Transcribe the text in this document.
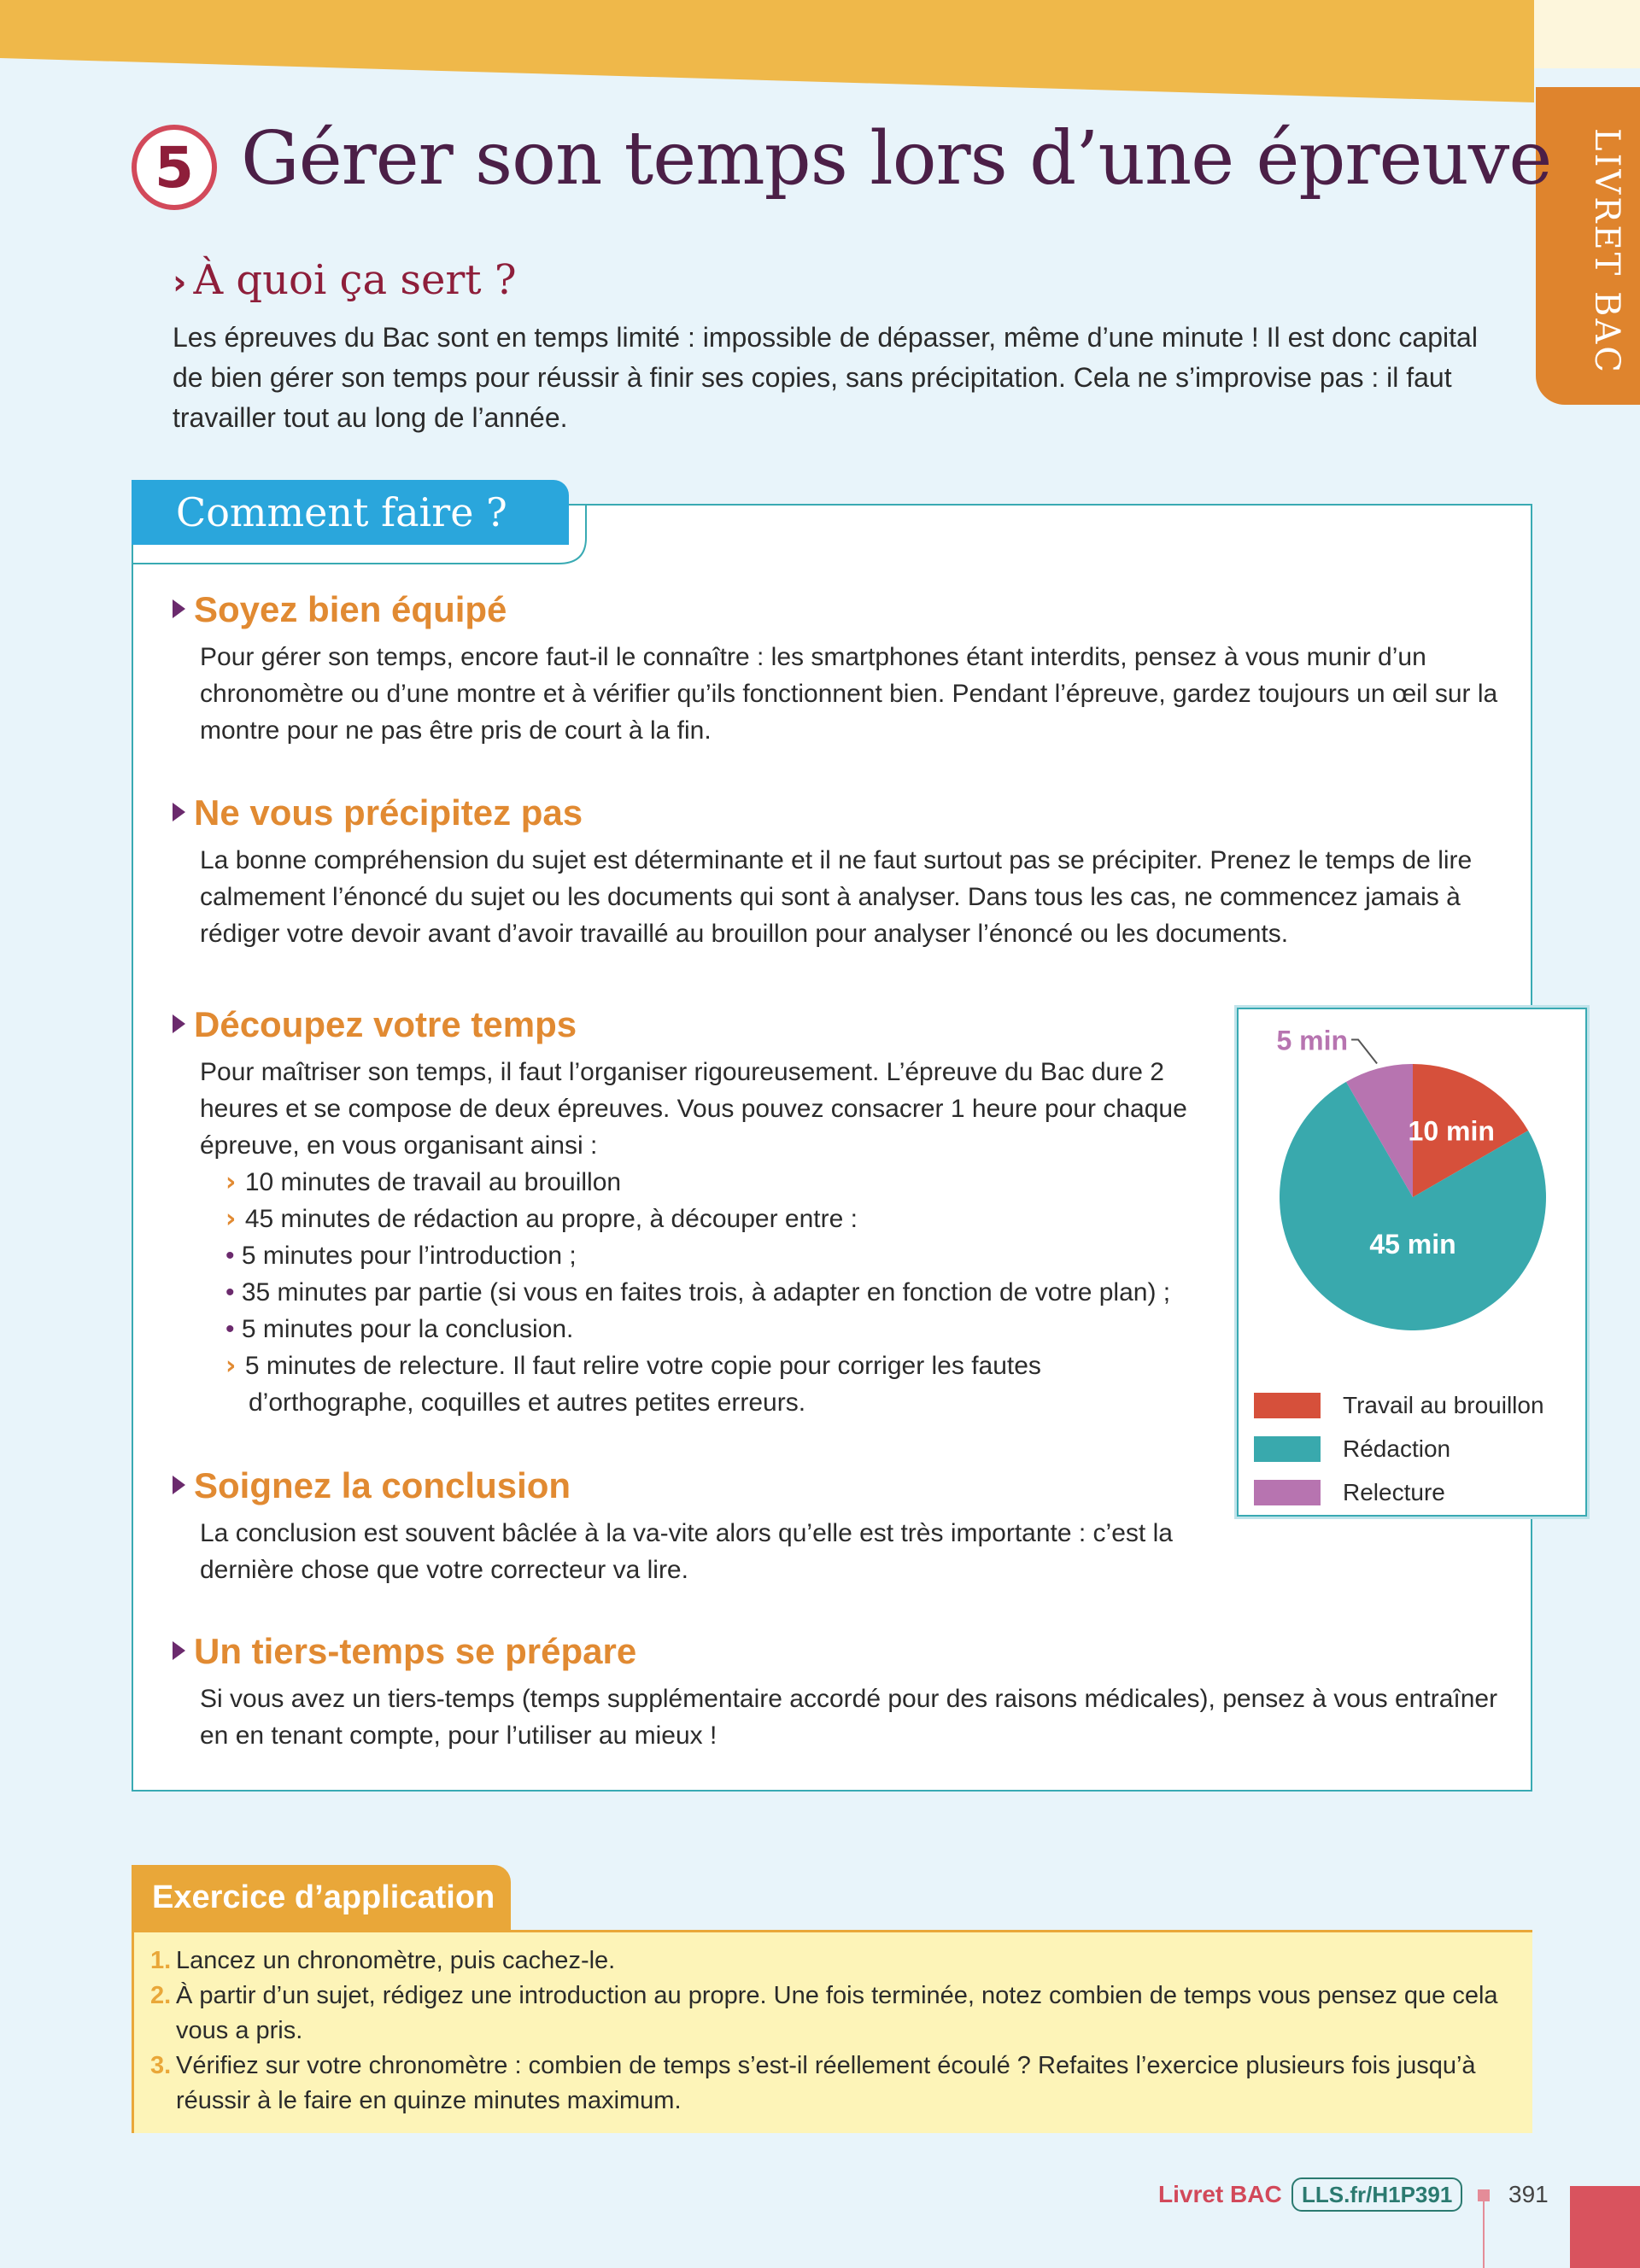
LIVRET BAC
5 Gérer son temps lors d’une épreuve
› À quoi ça sert ?

Les épreuves du Bac sont en temps limité : impossible de dépasser, même d’une minute ! Il est donc capital de bien gérer son temps pour réussir à finir ses copies, sans précipitation. Cela ne s’improvise pas : il faut travailler tout au long de l’année.

Comment faire ?
Soyez bien équipé

Pour gérer son temps, encore faut-il le connaître : les smartphones étant interdits, pensez à vous munir d’un chronomètre ou d’une montre et à vérifier qu’ils fonctionnent bien. Pendant l’épreuve, gardez toujours un œil sur la montre pour ne pas être pris de court à la fin.

Ne vous précipitez pas

La bonne compréhension du sujet est déterminante et il ne faut surtout pas se précipiter. Prenez le temps de lire calmement l’énoncé du sujet ou les documents qui sont à analyser. Dans tous les cas, ne commencez jamais à rédiger votre devoir avant d’avoir travaillé au brouillon pour analyser l’énoncé ou les documents.

Découpez votre temps

Pour maîtriser son temps, il faut l’organiser rigoureusement. L’épreuve du Bac dure 2 heures et se compose de deux épreuves. Vous pouvez consacrer 1 heure pour chaque épreuve, en vous organisant ainsi :

› 10 minutes de travail au brouillon
› 45 minutes de rédaction au propre, à découper entre :
• 5 minutes pour l’introduction ;
• 35 minutes par partie (si vous en faites trois, à adapter en fonction de votre plan) ;
• 5 minutes pour la conclusion.
› 5 minutes de relecture. Il faut relire votre copie pour corriger les fautes
d’orthographe, coquilles et autres petites erreurs.
Soignez la conclusion

La conclusion est souvent bâclée à la va-vite alors qu’elle est très importante : c’est la dernière chose que votre correcteur va lire.

Un tiers-temps se prépare

Si vous avez un tiers-temps (temps supplémentaire accordé pour des raisons médicales), pensez à vous entraîner en en tenant compte, pour l’utiliser au mieux !

10 min
45 min
5 min
Travail au brouillon
Rédaction
Relecture
Exercice d’application
1. Lancez un chronomètre, puis cachez-le.
2. À partir d’un sujet, rédigez une introduction au propre. Une fois terminée, notez combien de temps vous pensez que cela vous a pris.
3. Vérifiez sur votre chronomètre : combien de temps s’est-il réellement écoulé ? Refaites l’exercice plusieurs fois jusqu’à réussir à le faire en quinze minutes maximum.
Livret BAC LLS.fr/H1P391	391
